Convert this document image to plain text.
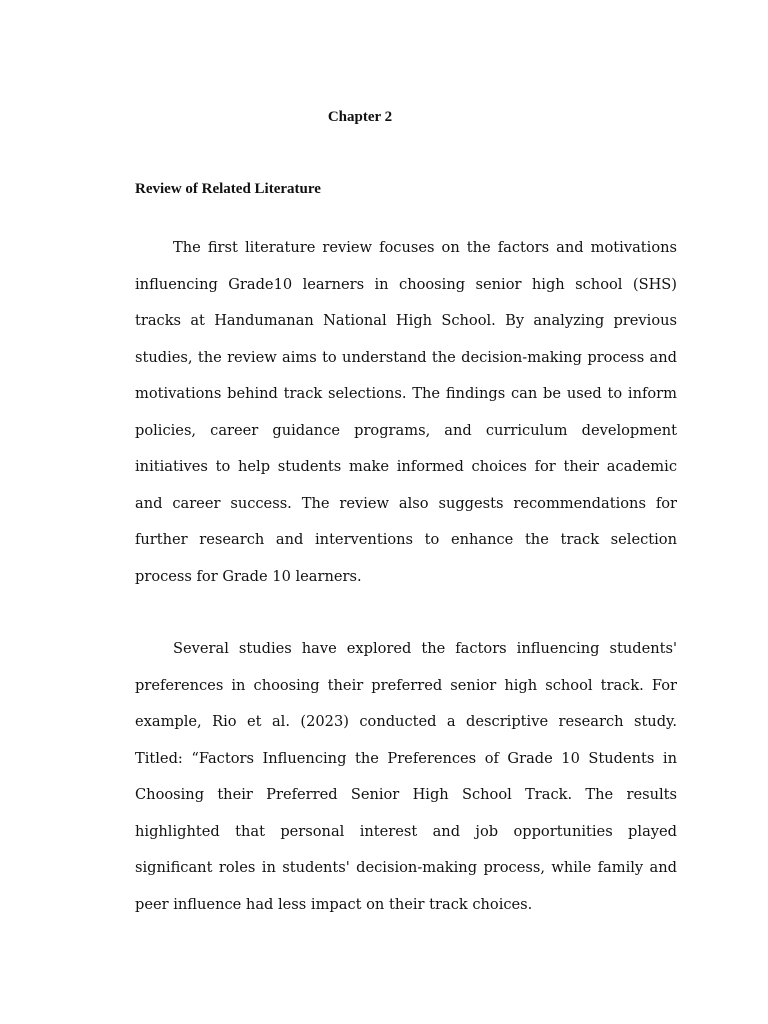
Chapter 2
Review of Related Literature

The first literature review focuses on the factors and motivations influencing Grade10 learners in choosing senior high school (SHS) tracks at Handumanan National High School. By analyzing previous studies, the review aims to understand the decision-making process and motivations behind track selections. The findings can be used to inform policies, career guidance programs, and curriculum development initiatives to help students make informed choices for their academic and career success. The review also suggests recommendations for further research and interventions to enhance the track selection process for Grade 10 learners.

Several studies have explored the factors influencing students' preferences in choosing their preferred senior high school track. For example, Rio et al. (2023) conducted a descriptive research study. Titled: “Factors Influencing the Preferences of Grade 10 Students in Choosing their Preferred Senior High School Track. The results highlighted that personal interest and job opportunities played significant roles in students' decision-making process, while family and peer influence had less impact on their track choices.
